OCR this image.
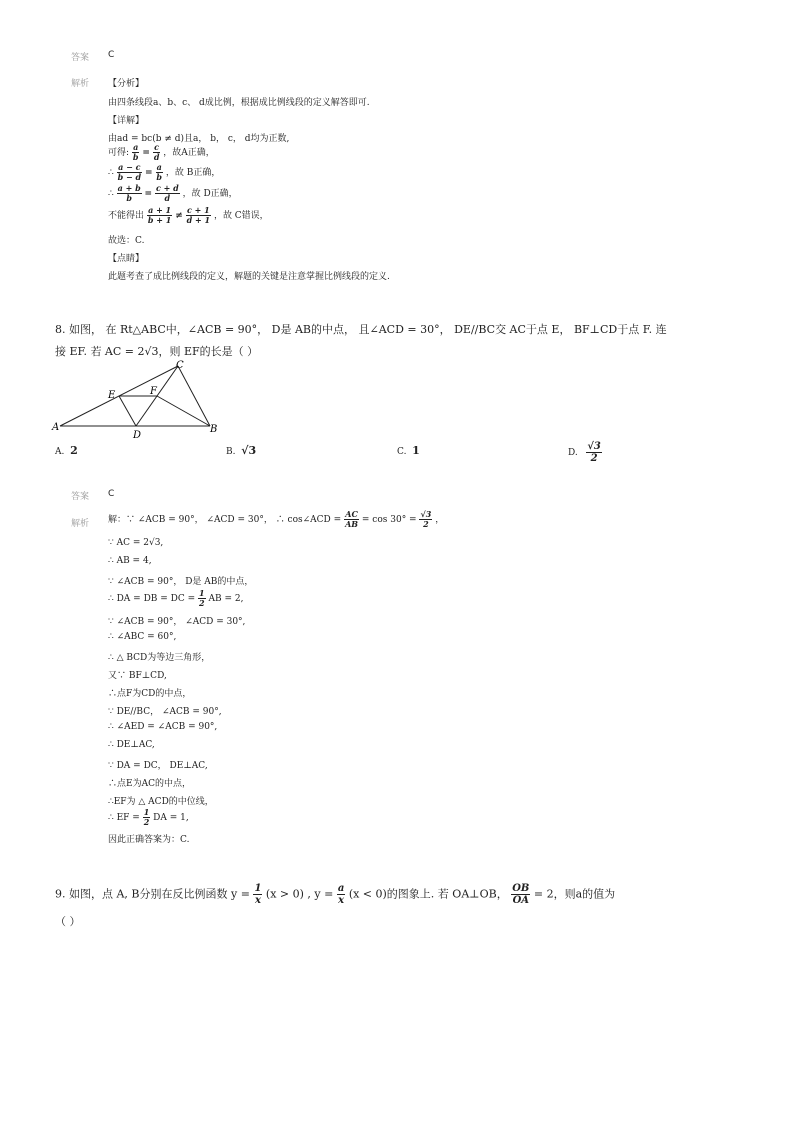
答案 C
解析 【分析】
由四条线段a、b、c、 d成比例，根据成比例线段的定义解答即可.
【详解】
由ad = bc(b ≠ d)且a， b， c， d均为正数,
可得: $\frac{a}{b} = \frac{c}{d}$ ，故A正确，
∴ $\frac{a - c}{b - d} = \frac{a}{b}$ ，故 B正确，
∴ $\frac{a + b}{b} = \frac{c + d}{d}$ ，故 D正确，
不能得出 $\frac{a + 1}{b + 1} \ne \frac{c + 1}{d + 1}$ ，故 C错误，
故选：C.
【点睛】
此题考查了成比例线段的定义，解题的关键是注意掌握比例线段的定义.
8. 如图， 在 Rt△ABC中，∠ACB = 90°， D是 AB的中点， 且∠ACD = 30°， DE//BC交 AC于点 E， BF⊥CD于点 F. 连
接 EF. 若 AC = 2√3，则 EF的长是（ ）
A	B
C
D
E	F
A. 2	B. √3	C. 1	D. $\frac{√3}{2}$
答案 C
解析 解：∵ ∠ACB = 90°， ∠ACD = 30°， ∴ cos∠ACD = $\frac{AC}{AB} = \cos 30^\circ = \frac{√3}{2}$ ，
∵ AC = 2√3,
∴ AB = 4,
∵ ∠ACB = 90°， D是 AB的中点，
∴ DA = DB = DC = $\frac{1}{2}$ AB = 2,
∵ ∠ACB = 90°， ∠ACD = 30°,
∴ ∠ABC = 60°,
∴ △ BCD为等边三角形，
又∵ BF⊥CD,
∴点F为CD的中点，
∵ DE//BC， ∠ACB = 90°,
∴ ∠AED = ∠ACB = 90°,
∴ DE⊥AC,
∵ DA = DC， DE⊥AC,
∴点E为AC的中点，
∴EF为 △ ACD的中位线，
∴ EF = $\frac{1}{2}$ DA = 1,
因此正确答案为：C.
9. 如图，点 A, B分别在反比例函数 $y = \frac{1}{x} (x > 0)$ , $y = \frac{a}{x} (x < 0)$的图象上. 若 OA⊥OB， $\frac{OB}{OA} = 2$，则a的值为
（ ）
